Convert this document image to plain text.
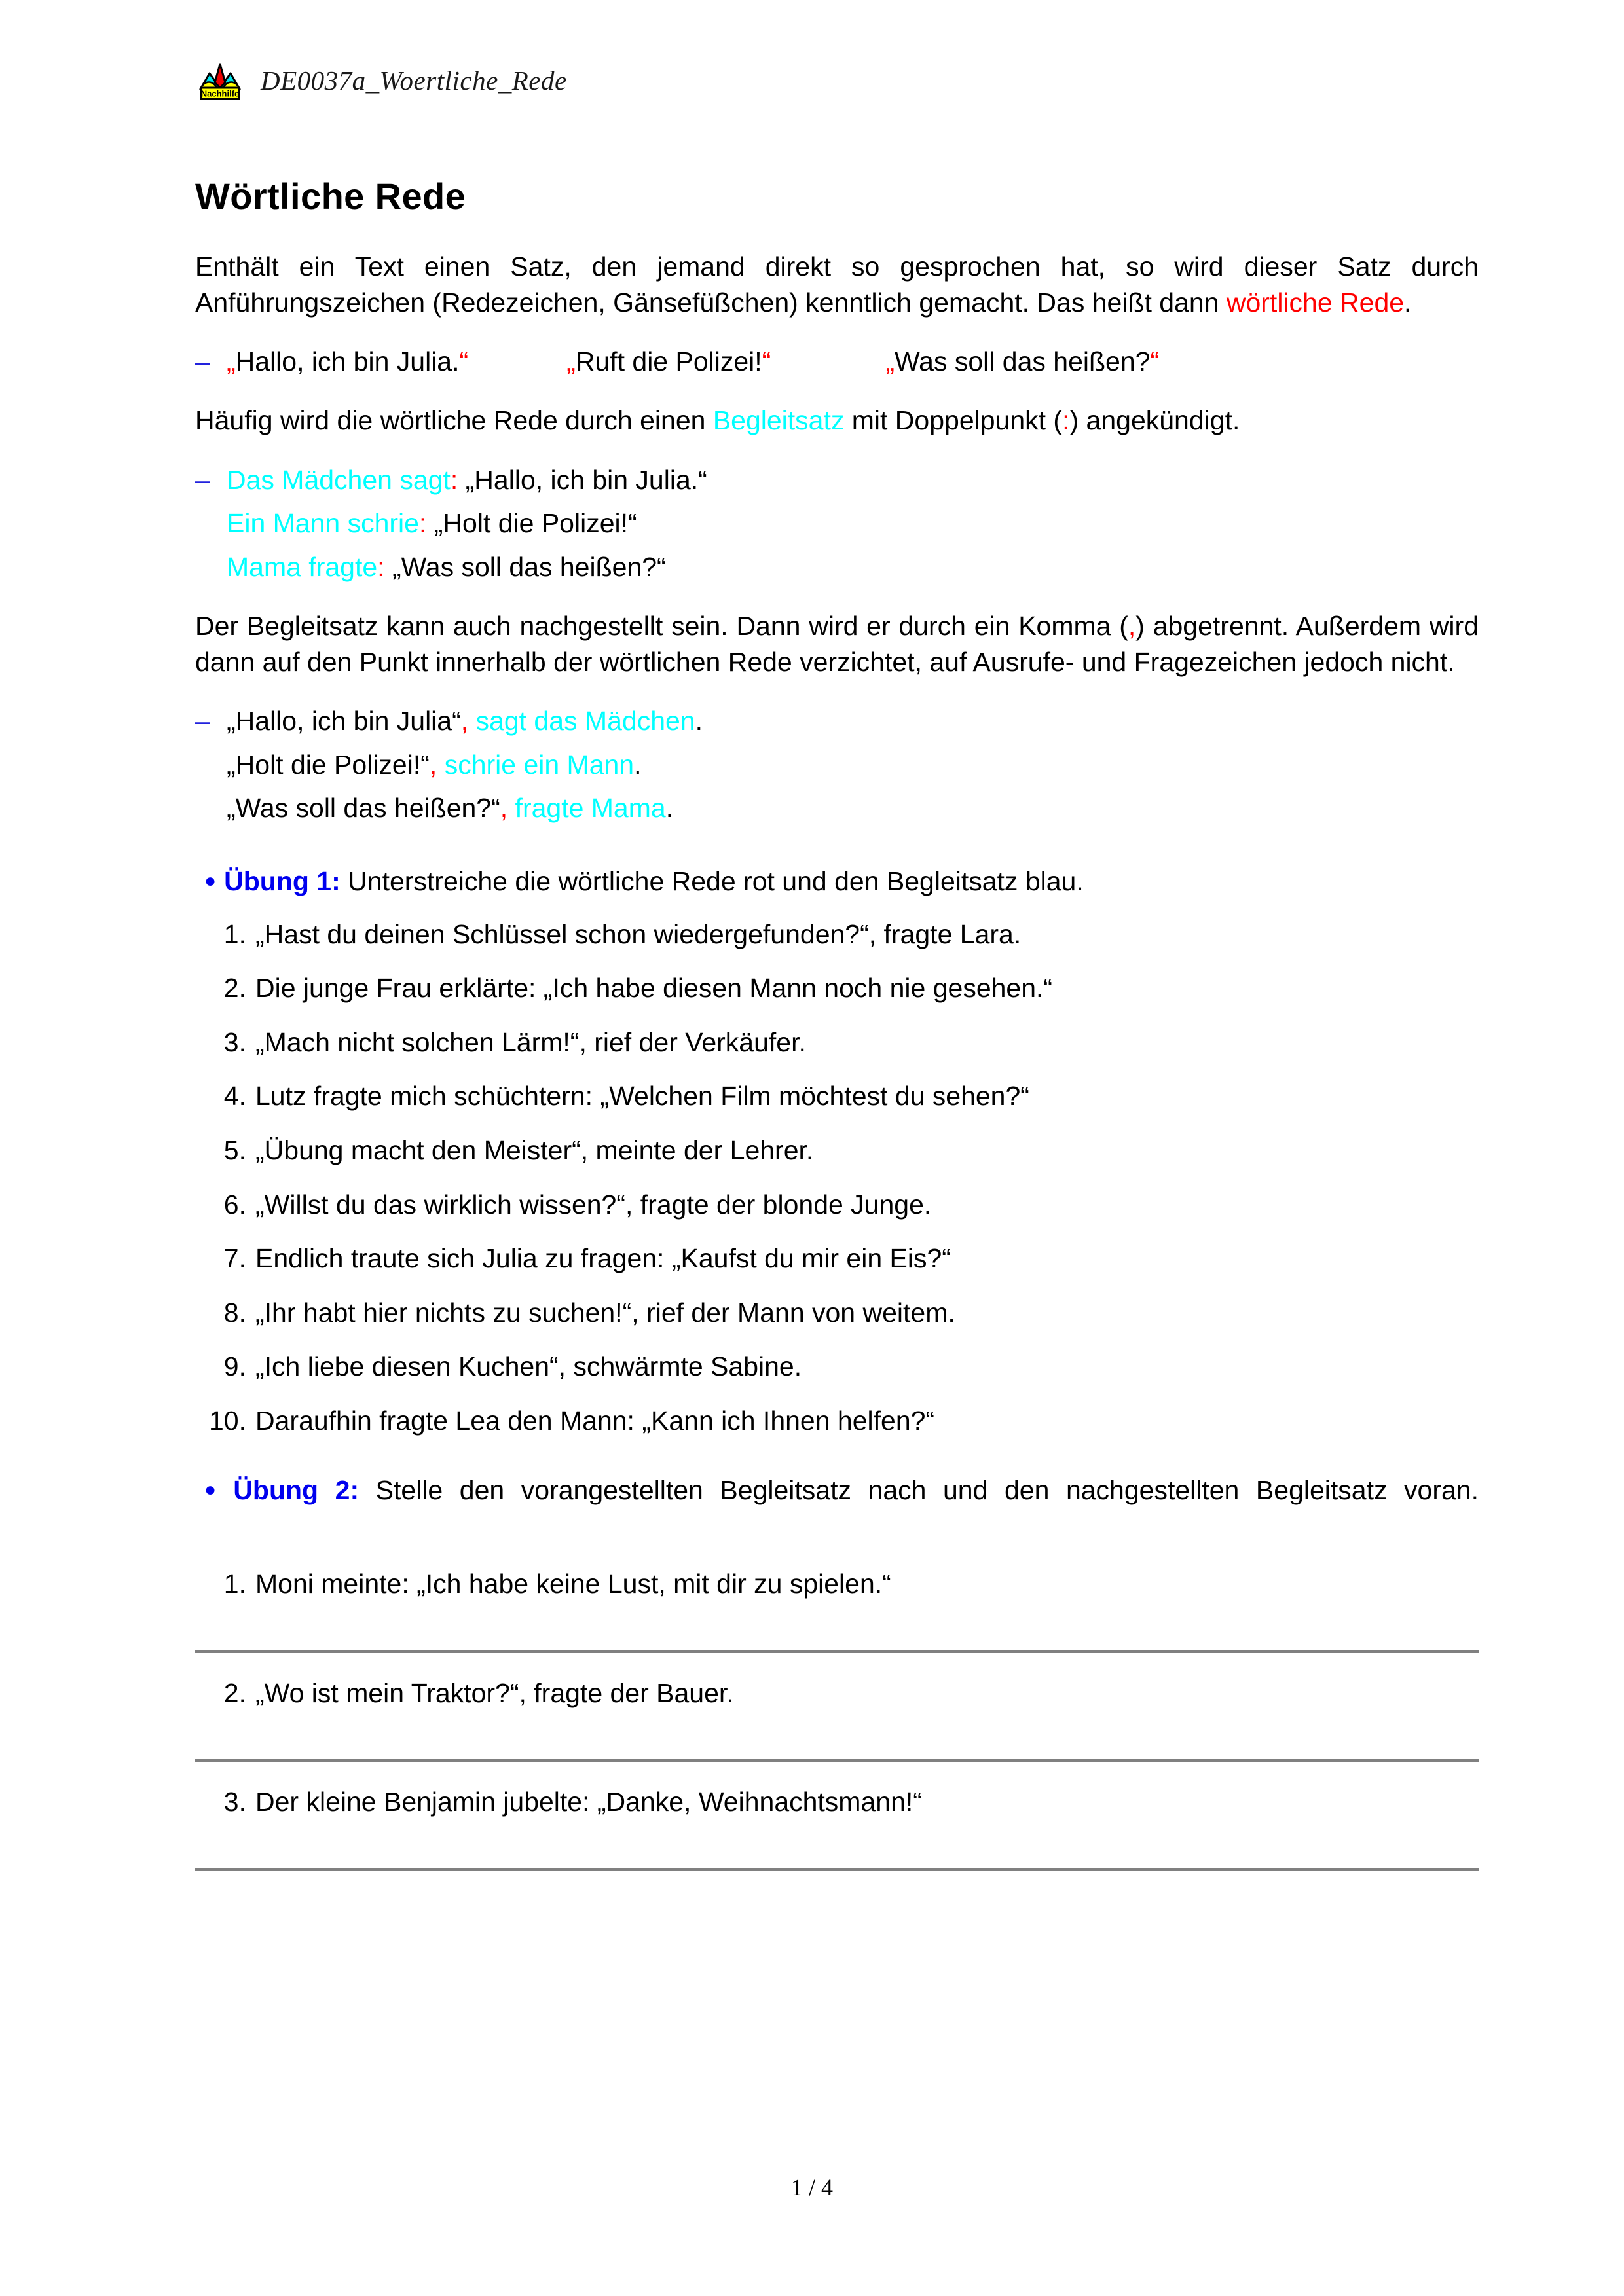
Nachhilfe DE0037a_Woertliche_Rede
Wörtliche Rede

Enthält ein Text einen Satz, den jemand direkt so gesprochen hat, so wird dieser Satz durch Anführungszeichen (Redezeichen, Gänsefüßchen) kenntlich gemacht. Das heißt dann wörtliche Rede.

– „Hallo, ich bin Julia.“	„Ruft die Polizei!“	„Was soll das heißen?“

Häufig wird die wörtliche Rede durch einen Begleitsatz mit Doppelpunkt (:) angekündigt.

– Das Mädchen sagt: „Hallo, ich bin Julia.“
Ein Mann schrie: „Holt die Polizei!“
Mama fragte: „Was soll das heißen?“

Der Begleitsatz kann auch nachgestellt sein. Dann wird er durch ein Komma (,) abgetrennt. Außerdem wird dann auf den Punkt innerhalb der wörtlichen Rede verzichtet, auf Ausrufe- und Fragezeichen jedoch nicht.

– „Hallo, ich bin Julia“, sagt das Mädchen.
„Holt die Polizei!“, schrie ein Mann.
„Was soll das heißen?“, fragte Mama.
● Übung 1: Unterstreiche die wörtliche Rede rot und den Begleitsatz blau.
1. „Hast du deinen Schlüssel schon wiedergefunden?“, fragte Lara.
2. Die junge Frau erklärte: „Ich habe diesen Mann noch nie gesehen.“
3. „Mach nicht solchen Lärm!“, rief der Verkäufer.
4. Lutz fragte mich schüchtern: „Welchen Film möchtest du sehen?“
5. „Übung macht den Meister“, meinte der Lehrer.
6. „Willst du das wirklich wissen?“, fragte der blonde Junge.
7. Endlich traute sich Julia zu fragen: „Kaufst du mir ein Eis?“
8. „Ihr habt hier nichts zu suchen!“, rief der Mann von weitem.
9. „Ich liebe diesen Kuchen“, schwärmte Sabine.
10. Daraufhin fragte Lea den Mann: „Kann ich Ihnen helfen?“
● Übung 2: Stelle den vorangestellten Begleitsatz nach und den nachgestellten Begleitsatz voran.
1. Moni meinte: „Ich habe keine Lust, mit dir zu spielen.“
2. „Wo ist mein Traktor?“, fragte der Bauer.
3. Der kleine Benjamin jubelte: „Danke, Weihnachtsmann!“
1 / 4
